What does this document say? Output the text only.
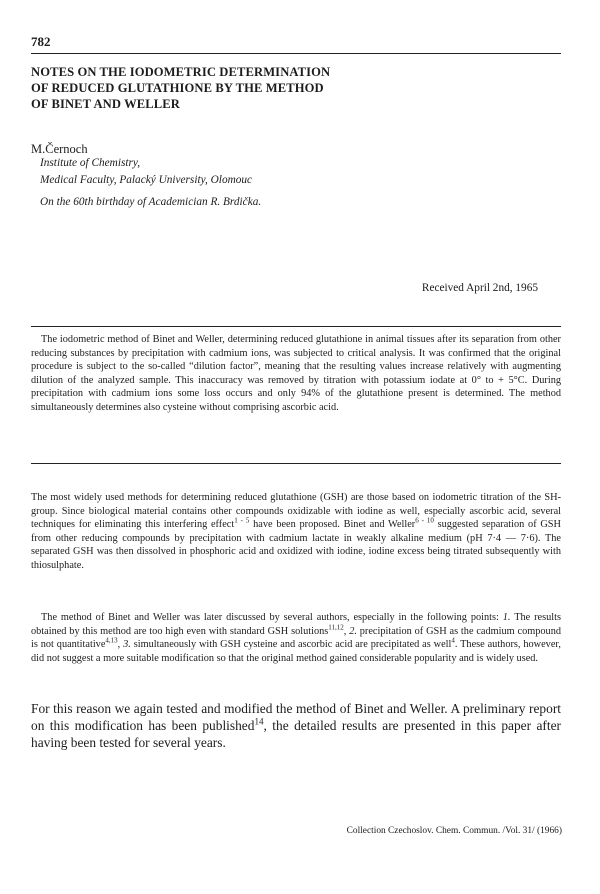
782
NOTES ON THE IODOMETRIC DETERMINATION
OF REDUCED GLUTATHIONE BY THE METHOD
OF BINET AND WELLER
M.Černoch
Institute of Chemistry,
Medical Faculty, Palacký University, Olomouc
On the 60th birthday of Academician R. Brdička.
Received April 2nd, 1965

The iodometric method of Binet and Weller, determining reduced glutathione in animal tissues after its separation from other reducing substances by precipitation with cadmium ions, was subjected to critical analysis. It was confirmed that the original procedure is subject to the so-called “dilution factor”, meaning that the resulting values increase relatively with augmenting dilution of the analyzed sample. This inaccuracy was removed by titration with potassium iodate at 0° to + 5°C. During precipitation with cadmium ions some loss occurs and only 94% of the glutathione present is determined. The method simultaneously determines also cysteine without comprising ascorbic acid.

The most widely used methods for determining reduced glutathione (GSH) are those based on iodometric titration of the SH-group. Since biological material contains other compounds oxidizable with iodine as well, especially ascorbic acid, several techniques for eliminating this interfering effect$^{1 - 5}$ have been proposed. Binet and Weller$^{6 - 10}$ suggested separation of GSH from other reducing compounds by precipitation with cadmium lactate in weakly alkaline medium (pH 7·4 — 7·6). The separated GSH was then dissolved in phosphoric acid and oxidized with iodine, iodine excess being titrated subsequently with thiosulphate.

The method of Binet and Weller was later discussed by several authors, especially in the following points: 1. The results obtained by this method are too high even with standard GSH solutions$^{11,12}$, 2. precipitation of GSH as the cadmium compound is not quantitative$^{4,13}$, 3. simultaneously with GSH cysteine and ascorbic acid are precipitated as well$^4$. These authors, however, did not suggest a more suitable modification so that the original method gained considerable popularity and is widely used.

For this reason we again tested and modified the method of Binet and Weller. A preliminary report on this modification has been published$^{14}$, the detailed results are presented in this paper after having been tested for several years.

Collection Czechoslov. Chem. Commun. /Vol. 31/ (1966)
